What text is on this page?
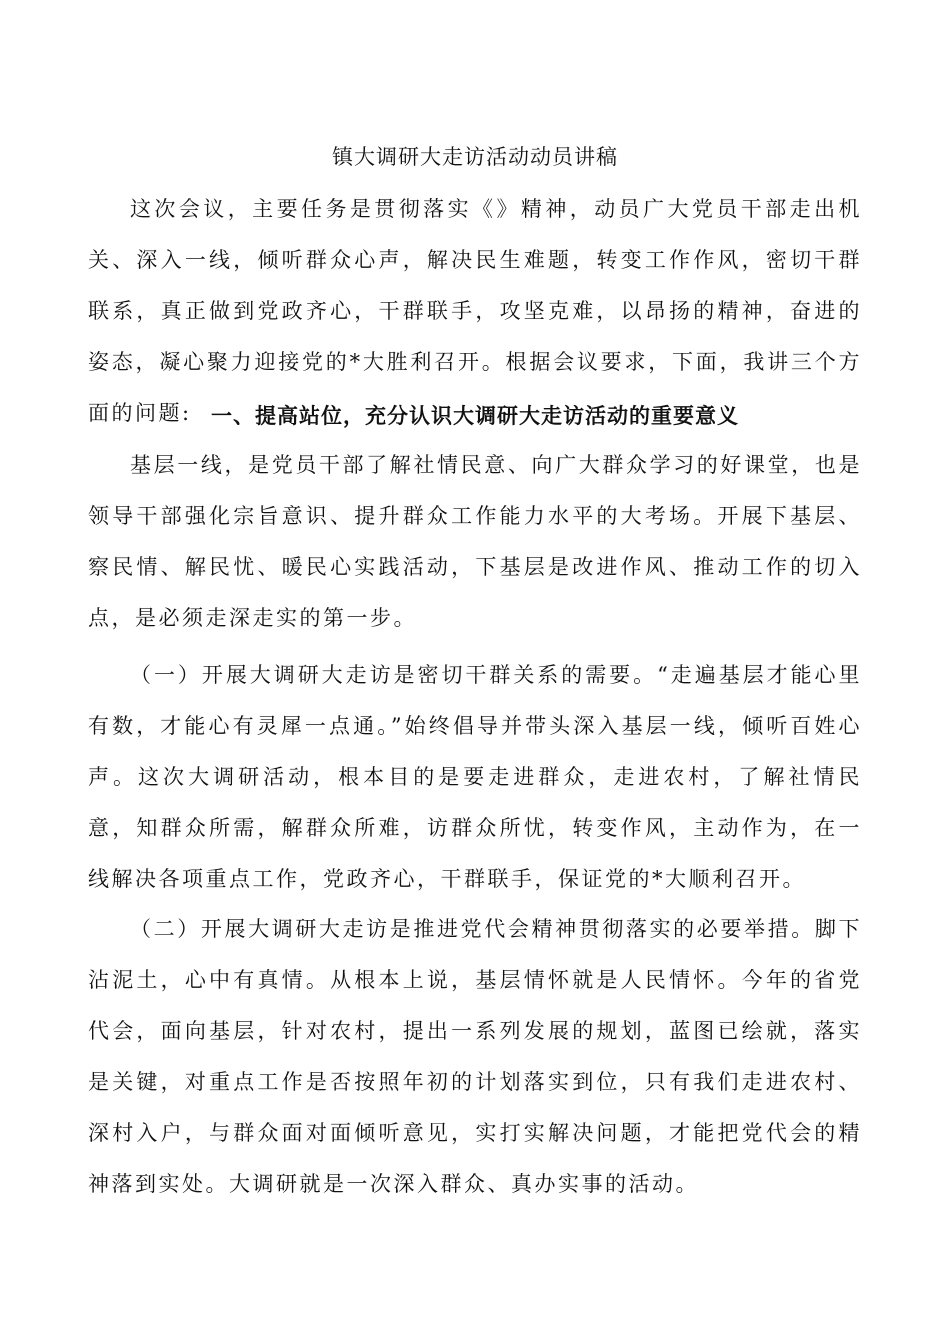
镇大调研大走访活动动员讲稿

这次会议，主要任务是贯彻落实《》精神，动员广大党员干部走出机关、深入一线，倾听群众心声，解决民生难题，转变工作作风，密切干群联系，真正做到党政齐心，干群联手，攻坚克难，以昂扬的精神，奋进的姿态，凝心聚力迎接党的*大胜利召开。根据会议要求，下面，我讲三个方面的问题: 一、提高站位，充分认识大调研大走访活动的重要意义

基层一线，是党员干部了解社情民意、向广大群众学习的好课堂，也是领导干部强化宗旨意识、提升群众工作能力水平的大考场。开展下基层、察民情、解民忧、暖民心实践活动，下基层是改进作风、推动工作的切入点，是必须走深走实的第一步。

（一）开展大调研大走访是密切干群关系的需要。“走遍基层才能心里有数，才能心有灵犀一点通。”始终倡导并带头深入基层一线，倾听百姓心声。这次大调研活动，根本目的是要走进群众，走进农村，了解社情民意，知群众所需，解群众所难，访群众所忧，转变作风，主动作为，在一线解决各项重点工作，党政齐心，干群联手，保证党的*大顺利召开。

（二）开展大调研大走访是推进党代会精神贯彻落实的必要举措。脚下沾泥土，心中有真情。从根本上说，基层情怀就是人民情怀。今年的省党代会，面向基层，针对农村，提出一系列发展的规划，蓝图已绘就，落实是关键，对重点工作是否按照年初的计划落实到位，只有我们走进农村、深村入户，与群众面对面倾听意见，实打实解决问题，才能把党代会的精神落到实处。大调研就是一次深入群众、真办实事的活动。
